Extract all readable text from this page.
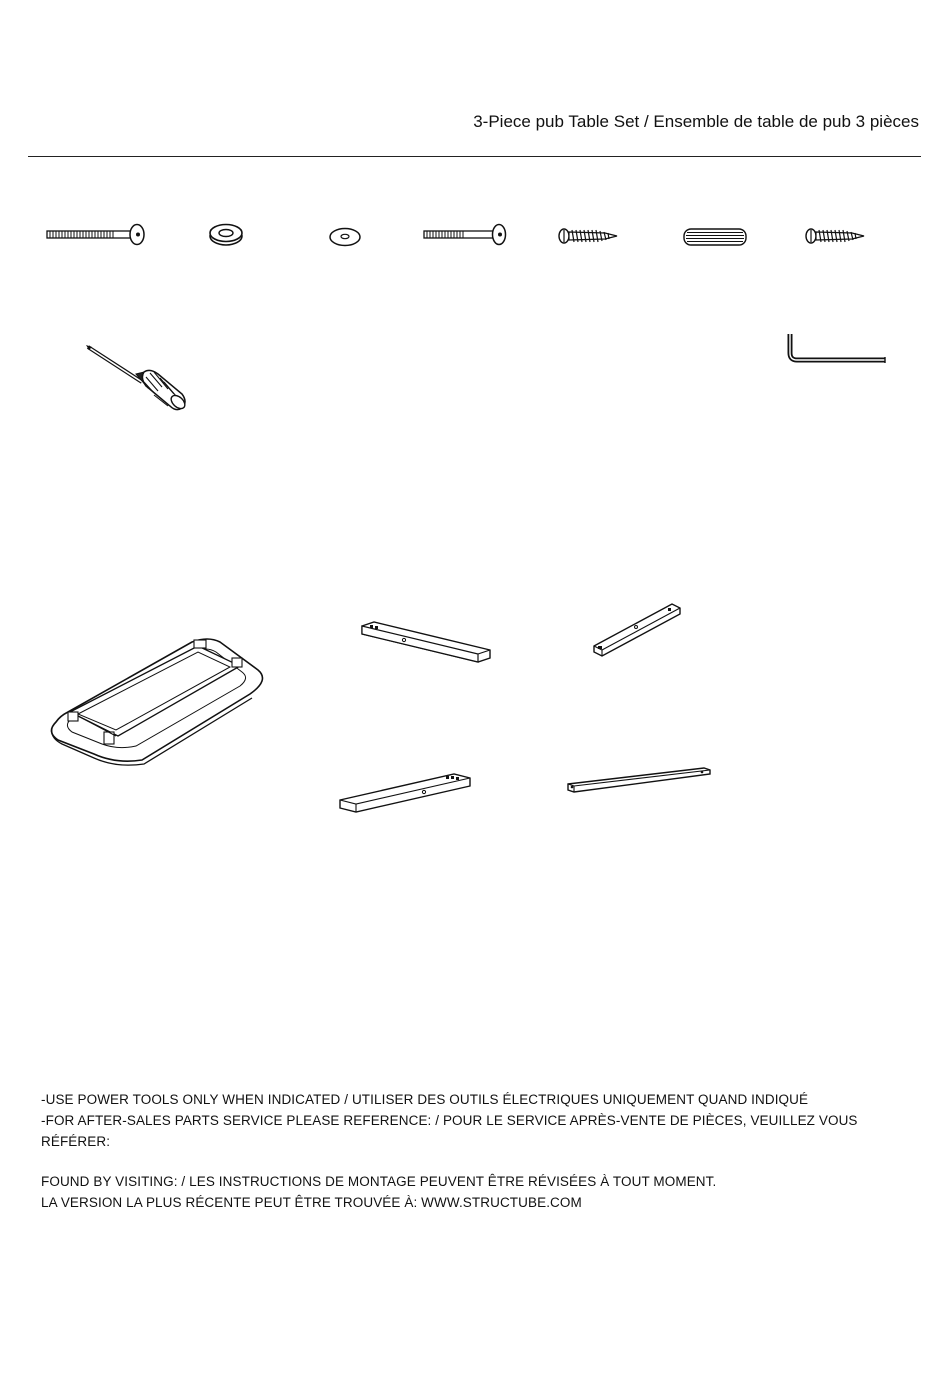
3-Piece pub Table Set / Ensemble de table de pub 3 pièces

-USE POWER TOOLS ONLY WHEN INDICATED / UTILISER DES OUTILS ÉLECTRIQUES UNIQUEMENT QUAND INDIQUÉ

-FOR AFTER-SALES PARTS SERVICE PLEASE REFERENCE: / POUR LE SERVICE APRÈS-VENTE DE PIÈCES, VEUILLEZ VOUS RÉFÉRER:

FOUND BY VISITING: / LES INSTRUCTIONS DE MONTAGE PEUVENT ÊTRE RÉVISÉES À TOUT MOMENT.

LA VERSION LA PLUS RÉCENTE PEUT ÊTRE TROUVÉE À: WWW.STRUCTUBE.COM
